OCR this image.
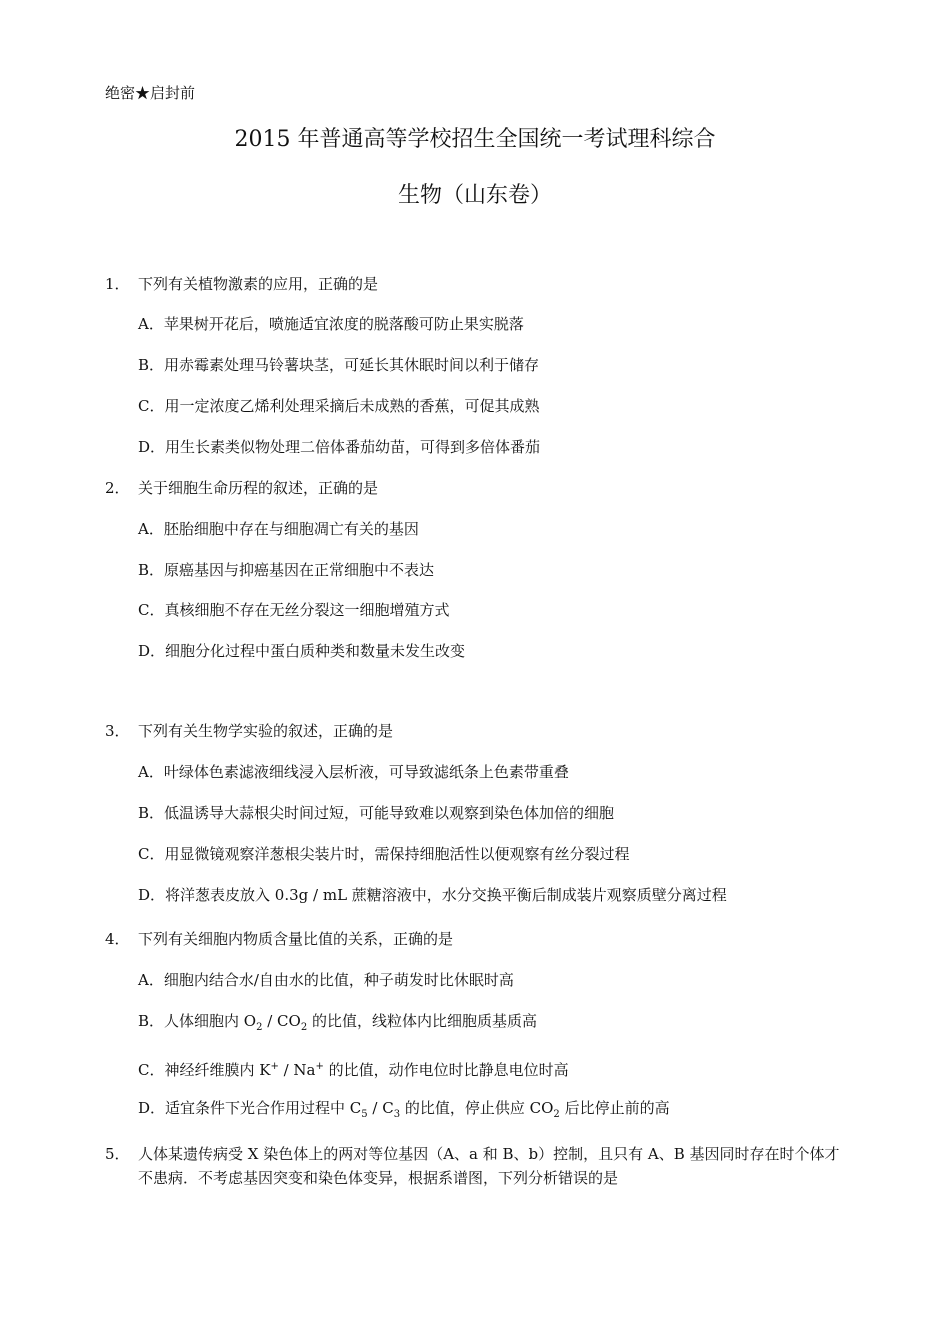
绝密★启封前
2015 年普通高等学校招生全国统一考试理科综合
生物（山东卷）
1． 下列有关植物激素的应用，正确的是
A．苹果树开花后，喷施适宜浓度的脱落酸可防止果实脱落
B．用赤霉素处理马铃薯块茎，可延长其休眠时间以利于储存
C．用一定浓度乙烯利处理采摘后未成熟的香蕉，可促其成熟
D．用生长素类似物处理二倍体番茄幼苗，可得到多倍体番茄
2． 关于细胞生命历程的叙述，正确的是
A．胚胎细胞中存在与细胞凋亡有关的基因
B．原癌基因与抑癌基因在正常细胞中不表达
C．真核细胞不存在无丝分裂这一细胞增殖方式
D．细胞分化过程中蛋白质种类和数量未发生改变
3． 下列有关生物学实验的叙述，正确的是
A．叶绿体色素滤液细线浸入层析液，可导致滤纸条上色素带重叠
B．低温诱导大蒜根尖时间过短，可能导致难以观察到染色体加倍的细胞
C．用显微镜观察洋葱根尖装片时，需保持细胞活性以便观察有丝分裂过程
D．将洋葱表皮放入 0.3g / mL 蔗糖溶液中，水分交换平衡后制成装片观察质壁分离过程
4． 下列有关细胞内物质含量比值的关系，正确的是
A．细胞内结合水/自由水的比值，种子萌发时比休眠时高
B．人体细胞内 $O_2 / CO_2$ 的比值，线粒体内比细胞质基质高
C．神经纤维膜内 K+ / Na+ 的比值，动作电位时比静息电位时高
D．适宜条件下光合作用过程中 $C_5 / C_3$ 的比值，停止供应 $CO_2$ 后比停止前的高
5． 人体某遗传病受 X 染色体上的两对等位基因（A、a 和 B、b）控制，且只有 A、B 基因同时存在时个体才不患病．不考虑基因突变和染色体变异，根据系谱图，下列分析错误的是
